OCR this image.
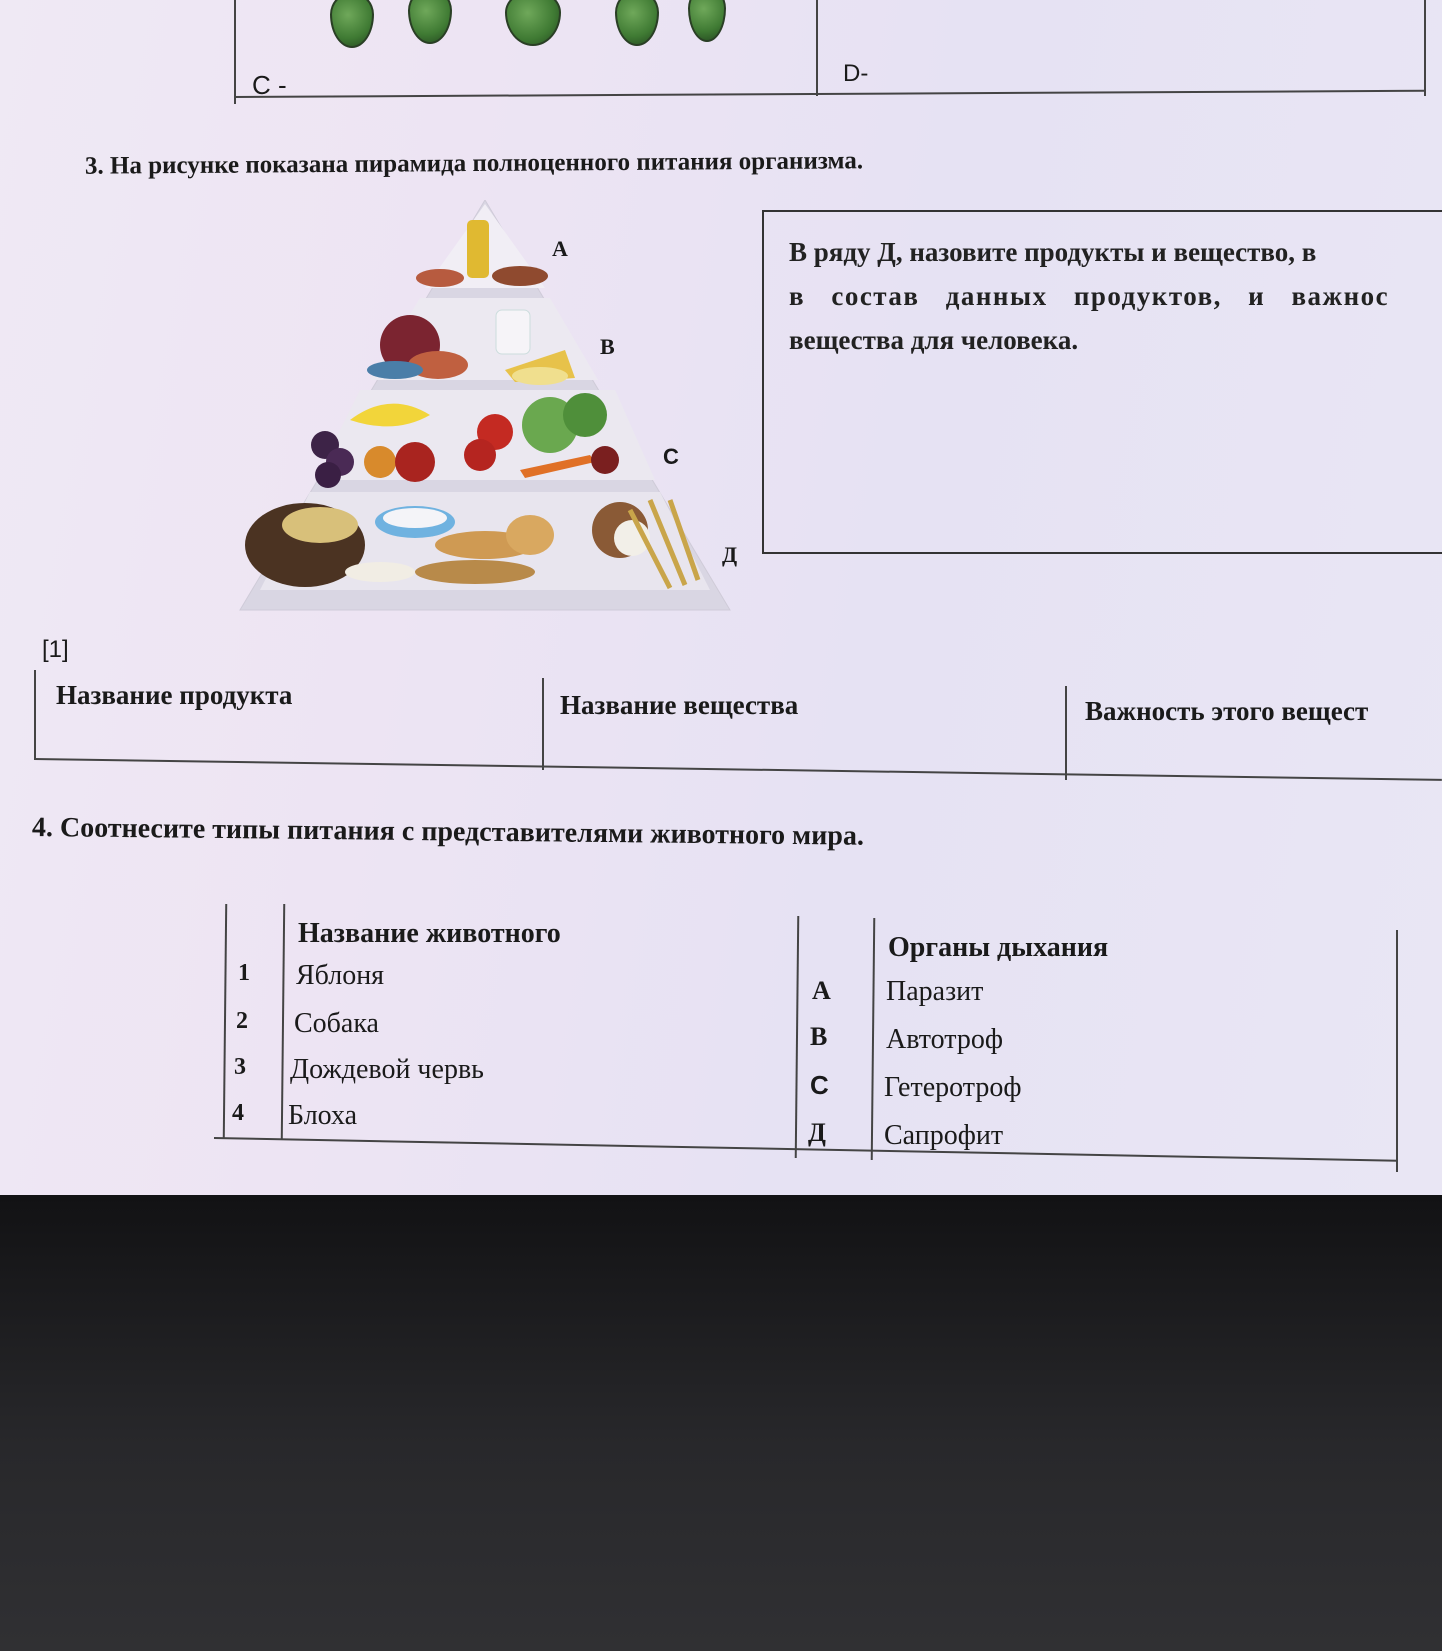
С -	D-
3. На рисунке показана пирамида полноценного питания организма.
А
В
С
Д
В ряду Д, назовите продукты и вещество, в
в состав данных продуктов, и важнос
вещества для человека.
[1]
Название продукта	Название вещества	Важность этого вещест
4. Соотнесите типы питания с представителями животного мира.
Название животного
1 Яблоня
2 Собака
3 Дождевой червь
4 Блоха
Органы дыхания
А Паразит
В Автотроф
С Гетеротроф
Д Сапрофит
